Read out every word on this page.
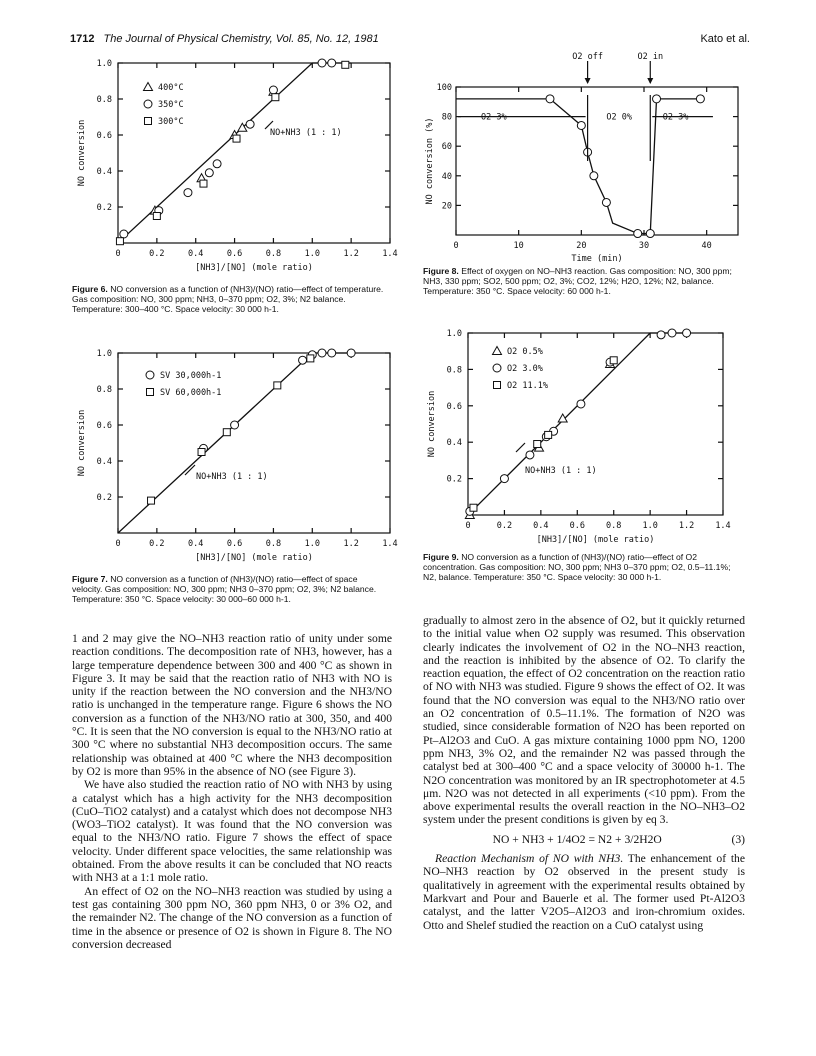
1712 The Journal of Physical Chemistry, Vol. 85, No. 12, 1981	Kato et al.
0	0.2	0.4	0.6	0.8	1.0	1.2	1.4
0.2
0.4
0.6
0.8
1.0
[NH3]/[NO] (mole ratio)
NO conversion
400°C
350°C
300°C
NO+NH3 (1 : 1)
Figure 6. NO conversion as a function of (NH3)/(NO) ratio—effect of temperature. Gas composition: NO, 300 ppm; NH3, 0–370 ppm; O2, 3%; N2 balance. Temperature: 300–400 °C. Space velocity: 30 000 h-1.
0	0.2	0.4	0.6	0.8	1.0	1.2	1.4
0.2
0.4
0.6
0.8
1.0
[NH3]/[NO] (mole ratio)
NO conversion
SV 30,000h-1
SV 60,000h-1
NO+NH3 (1 : 1)
Figure 7. NO conversion as a function of (NH3)/(NO) ratio—effect of space velocity. Gas composition: NO, 300 ppm; NH3 0–370 ppm; O2, 3%; N2 balance. Temperature: 350 °C. Space velocity: 30 000–60 000 h-1.
0	10	20	30	40
20
40
60
80
100
Time (min)
NO conversion (%)
O2 off	O2 in
O2 3%	O2 0%	O2 3%
Figure 8. Effect of oxygen on NO–NH3 reaction. Gas composition: NO, 300 ppm; NH3, 330 ppm; SO2, 500 ppm; O2, 3%; CO2, 12%; H2O, 12%; N2, balance. Temperature: 350 °C. Space velocity: 60 000 h-1.
0	0.2 0.4 0.6 0.8 1.0 1.2 1.4
0.2
0.4
0.6
0.8
1.0
[NH3]/[NO] (mole ratio)
NO conversion
O2 0.5%
O2 3.0%
O2 11.1%
NO+NH3 (1 : 1)
Figure 9. NO conversion as a function of (NH3)/(NO) ratio—effect of O2 concentration. Gas composition: NO, 300 ppm; NH3 0–370 ppm; O2, 0.5–11.1%; N2, balance. Temperature: 350 °C. Space velocity: 30 000 h-1.

1 and 2 may give the NO–NH3 reaction ratio of unity under some reaction conditions. The decomposition rate of NH3, however, has a large temperature dependence between 300 and 400 °C as shown in Figure 3. It may be said that the reaction ratio of NH3 with NO is unity if the reaction between the NO conversion and the NH3/NO ratio is unchanged in the temperature range. Figure 6 shows the NO conversion as a function of the NH3/NO ratio at 300, 350, and 400 °C. It is seen that the NO conversion is equal to the NH3/NO ratio at 300 °C where no substantial NH3 decomposition occurs. The same relationship was obtained at 400 °C where the NH3 decomposition by O2 is more than 95% in the absence of NO (see Figure 3).

We have also studied the reaction ratio of NO with NH3 by using a catalyst which has a high activity for the NH3 decomposition (CuO–TiO2 catalyst) and a catalyst which does not decompose NH3 (WO3–TiO2 catalyst). It was found that the NO conversion was equal to the NH3/NO ratio. Figure 7 shows the effect of space velocity. Under different space velocities, the same relationship was obtained. From the above results it can be concluded that NO reacts with NH3 at a 1:1 mole ratio.

An effect of O2 on the NO–NH3 reaction was studied by using a test gas containing 300 ppm NO, 360 ppm NH3, 0 or 3% O2, and the remainder N2. The change of the NO conversion as a function of time in the absence or presence of O2 is shown in Figure 8. The NO conversion decreased

gradually to almost zero in the absence of O2, but it quickly returned to the initial value when O2 supply was resumed. This observation clearly indicates the involvement of O2 in the NO–NH3 reaction, and the reaction is inhibited by the absence of O2. To clarify the reaction equation, the effect of O2 concentration on the reaction ratio of NO with NH3 was studied. Figure 9 shows the effect of O2. It was found that the NO conversion was equal to the NH3/NO ratio over an O2 concentration of 0.5–11.1%. The formation of N2O was studied, since considerable formation of N2O has been reported on Pt–Al2O3 and CuO. A gas mixture containing 1000 ppm NO, 1200 ppm NH3, 3% O2, and the remainder N2 was passed through the catalyst bed at 300–400 °C and a space velocity of 30000 h-1. The N2O concentration was monitored by an IR spectrophotometer at 4.5 μm. N2O was not detected in all experiments (<10 ppm). From the above experimental results the overall reaction in the NO–NH3–O2 system under the present conditions is given by eq 3.

NO + NH3 + 1/4O2 = N2 + 3/2H2O	(3)

Reaction Mechanism of NO with NH3. The enhancement of the NO–NH3 reaction by O2 observed in the present study is qualitatively in agreement with the experimental results obtained by Markvart and Pour and Bauerle et al. The former used Pt-Al2O3 catalyst, and the latter V2O5–Al2O3 and iron-chromium oxides. Otto and Shelef studied the reaction on a CuO catalyst using
